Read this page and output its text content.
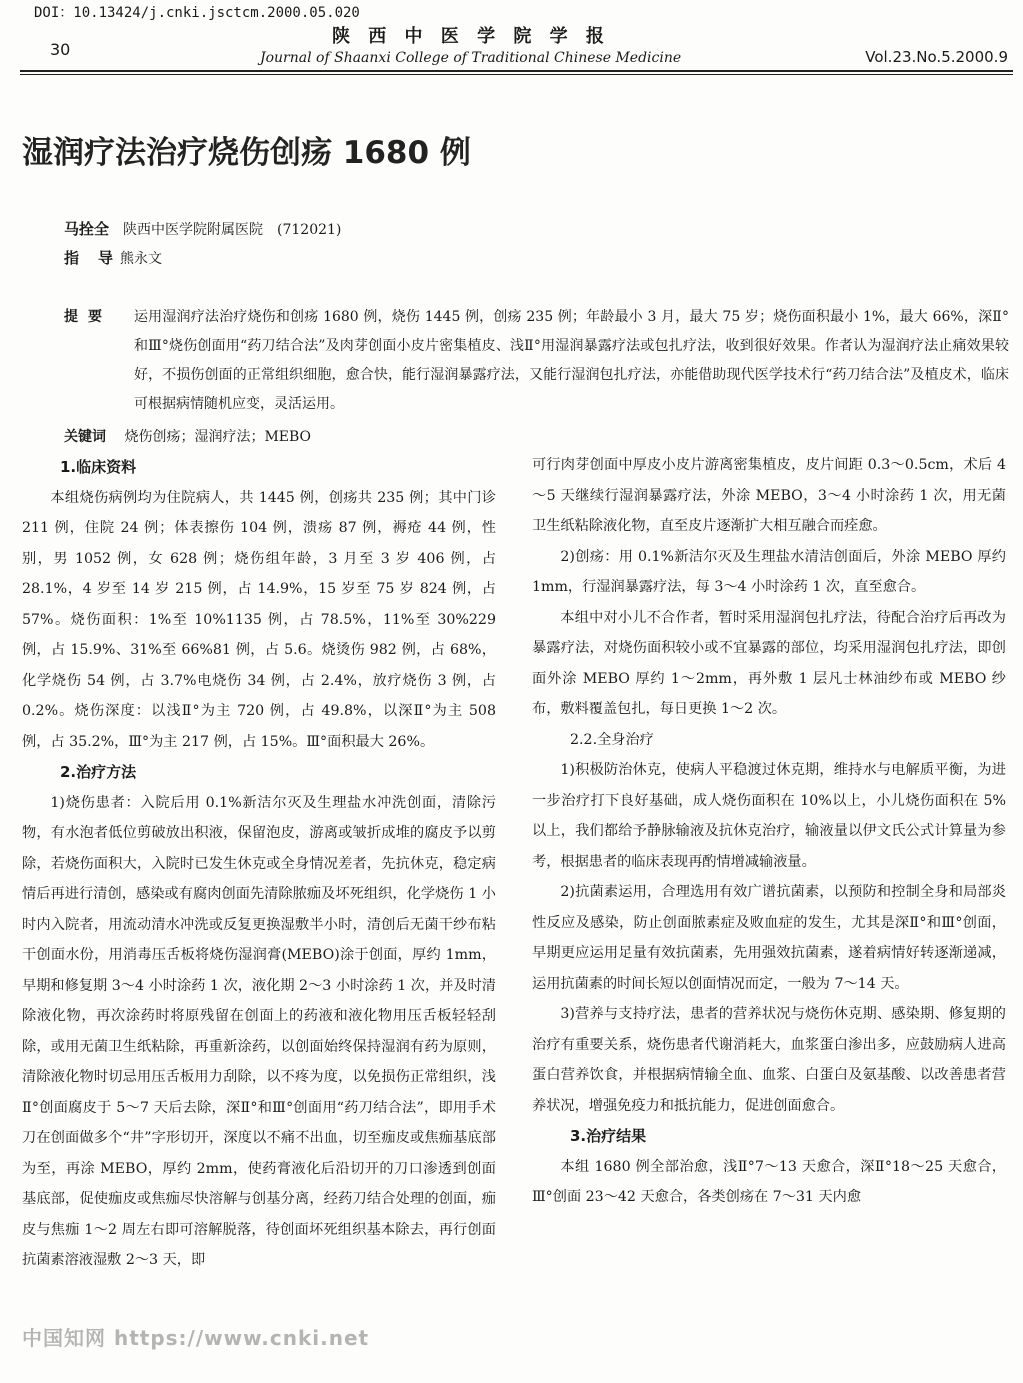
DOI：10.13424/j.cnki.jsctcm.2000.05.020
30
陕 西 中 医 学 院 学 报
Journal of Shaanxi College of Traditional Chinese Medicine	Vol.23.No.5.2000.9
湿润疗法治疗烧伤创疡 1680 例
马拴全 陕西中医学院附属医院　(712021)
指　导 熊永文
提要 运用湿润疗法治疗烧伤和创疡 1680 例，烧伤 1445 例，创疡 235 例；年龄最小 3 月，最大 75 岁；烧伤面积最小 1%，最大 66%，深Ⅱ°和Ⅲ°烧伤创面用“药刀结合法”及肉芽创面小皮片密集植皮、浅Ⅱ°用湿润暴露疗法或包扎疗法，收到很好效果。作者认为湿润疗法止痛效果较好，不损伤创面的正常组织细胞，愈合快，能行湿润暴露疗法，又能行湿润包扎疗法，亦能借助现代医学技术行“药刀结合法”及植皮术，临床可根据病情随机应变，灵活运用。
关键词 烧伤创疡；湿润疗法；MEBO
1.临床资料

本组烧伤病例均为住院病人，共 1445 例，创疡共 235 例；其中门诊 211 例，住院 24 例；体表擦伤 104 例，溃疡 87 例，褥疮 44 例，性别，男 1052 例，女 628 例；烧伤组年龄，3 月至 3 岁 406 例，占 28.1%，4 岁至 14 岁 215 例，占 14.9%，15 岁至 75 岁 824 例，占 57%。烧伤面积：1%至 10%1135 例，占 78.5%，11%至 30%229 例，占 15.9%、31%至 66%81 例，占 5.6。烧烫伤 982 例，占 68%，化学烧伤 54 例，占 3.7%电烧伤 34 例，占 2.4%，放疗烧伤 3 例，占 0.2%。烧伤深度：以浅Ⅱ°为主 720 例，占 49.8%，以深Ⅱ°为主 508 例，占 35.2%，Ⅲ°为主 217 例，占 15%。Ⅲ°面积最大 26%。

2.治疗方法

1)烧伤患者：入院后用 0.1%新洁尔灭及生理盐水冲洗创面，清除污物，有水泡者低位剪破放出积液，保留泡皮，游离或皱折成堆的腐皮予以剪除，若烧伤面积大，入院时已发生休克或全身情况差者，先抗休克，稳定病情后再进行清创，感染或有腐肉创面先清除脓痂及坏死组织，化学烧伤 1 小时内入院者，用流动清水冲洗或反复更换湿敷半小时，清创后无菌干纱布粘干创面水份，用消毒压舌板将烧伤湿润膏(MEBO)涂于创面，厚约 1mm，早期和修复期 3～4 小时涂药 1 次，液化期 2～3 小时涂药 1 次，并及时清除液化物，再次涂药时将原残留在创面上的药液和液化物用压舌板轻轻刮除，或用无菌卫生纸粘除，再重新涂药，以创面始终保持湿润有药为原则，清除液化物时切忌用压舌板用力刮除，以不疼为度，以免损伤正常组织，浅Ⅱ°创面腐皮于 5～7 天后去除，深Ⅱ°和Ⅲ°创面用“药刀结合法”，即用手术刀在创面做多个“井”字形切开，深度以不痛不出血，切至痂皮或焦痂基底部为至，再涂 MEBO，厚约 2mm，使药膏液化后沿切开的刀口渗透到创面基底部，促使痂皮或焦痂尽快溶解与创基分离，经药刀结合处理的创面，痂皮与焦痂 1～2 周左右即可溶解脱落，待创面坏死组织基本除去，再行创面抗菌素溶液湿敷 2～3 天，即

可行肉芽创面中厚皮小皮片游离密集植皮，皮片间距 0.3～0.5cm，术后 4～5 天继续行湿润暴露疗法，外涂 MEBO，3～4 小时涂药 1 次，用无菌卫生纸粘除液化物，直至皮片逐渐扩大相互融合而痊愈。

2)创疡：用 0.1%新洁尔灭及生理盐水清洁创面后，外涂 MEBO 厚约 1mm，行湿润暴露疗法，每 3～4 小时涂药 1 次，直至愈合。

本组中对小儿不合作者，暂时采用湿润包扎疗法，待配合治疗后再改为暴露疗法，对烧伤面积较小或不宜暴露的部位，均采用湿润包扎疗法，即创面外涂 MEBO 厚约 1～2mm，再外敷 1 层凡士林油纱布或 MEBO 纱布，敷料覆盖包扎，每日更换 1～2 次。

2.2.全身治疗

1)积极防治休克，使病人平稳渡过休克期，维持水与电解质平衡，为进一步治疗打下良好基础，成人烧伤面积在 10%以上，小儿烧伤面积在 5%以上，我们都给予静脉输液及抗休克治疗，输液量以伊文氏公式计算量为参考，根据患者的临床表现再酌情增减输液量。

2)抗菌素运用，合理选用有效广谱抗菌素，以预防和控制全身和局部炎性反应及感染，防止创面脓素症及败血症的发生，尤其是深Ⅱ°和Ⅲ°创面，早期更应运用足量有效抗菌素，先用强效抗菌素，遂着病情好转逐渐递减，运用抗菌素的时间长短以创面情况而定，一般为 7～14 天。

3)营养与支持疗法，患者的营养状况与烧伤休克期、感染期、修复期的治疗有重要关系，烧伤患者代谢消耗大，血浆蛋白渗出多，应鼓励病人进高蛋白营养饮食，并根据病情输全血、血浆、白蛋白及氨基酸、以改善患者营养状况，增强免疫力和抵抗能力，促进创面愈合。

3.治疗结果

本组 1680 例全部治愈，浅Ⅱ°7～13 天愈合，深Ⅱ°18～25 天愈合，Ⅲ°创面 23～42 天愈合，各类创疡在 7～31 天内愈

中国知网 https://www.cnki.net
